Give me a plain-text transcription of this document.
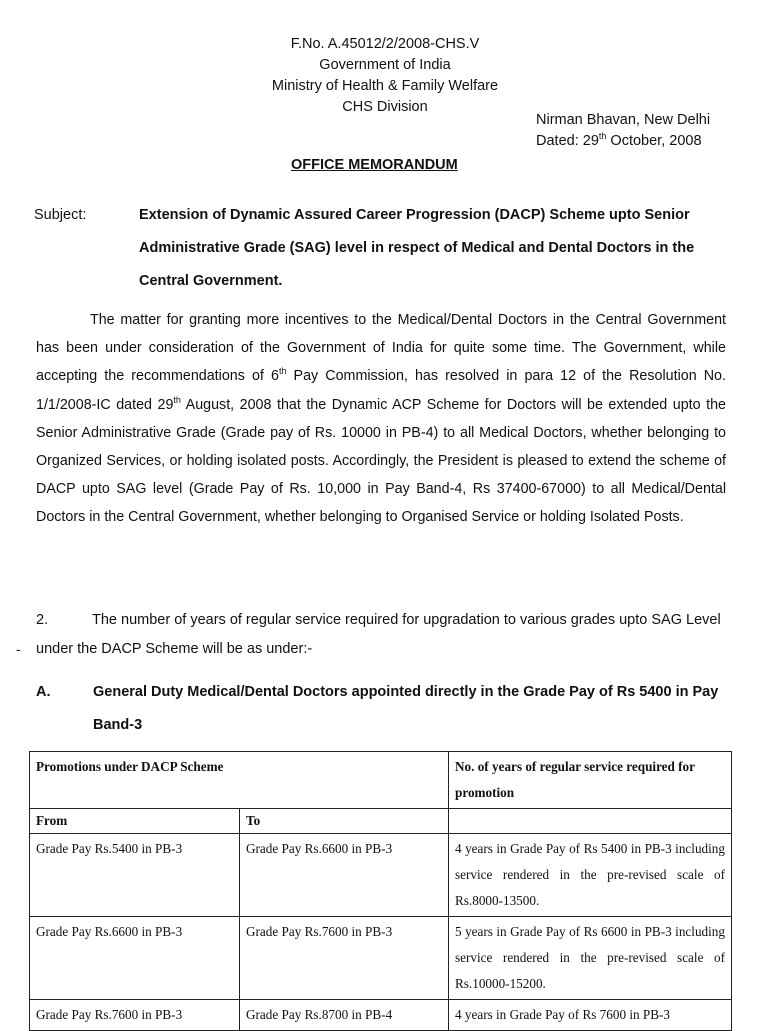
F.No. A.45012/2/2008-CHS.V
Government of India
Ministry of Health & Family Welfare
CHS Division
Nirman Bhavan, New Delhi
Dated: 29th October, 2008
OFFICE MEMORANDUM
Subject:	Extension of Dynamic Assured Career Progression (DACP) Scheme upto Senior Administrative Grade (SAG) level in respect of Medical and Dental Doctors in the Central Government.
The matter for granting more incentives to the Medical/Dental Doctors in the Central Government has been under consideration of the Government of India for quite some time. The Government, while accepting the recommendations of 6th Pay Commission, has resolved in para 12 of the Resolution No. 1/1/2008-IC dated 29th August, 2008 that the Dynamic ACP Scheme for Doctors will be extended upto the Senior Administrative Grade (Grade pay of Rs. 10000 in PB-4) to all Medical Doctors, whether belonging to Organized Services, or holding isolated posts. Accordingly, the President is pleased to extend the scheme of DACP upto SAG level (Grade Pay of Rs. 10,000 in Pay Band-4, Rs 37400-67000) to all Medical/Dental Doctors in the Central Government, whether belonging to Organised Service or holding Isolated Posts.
-
2.	The number of years of regular service required for upgradation to various grades upto SAG Level under the DACP Scheme will be as under:-
A.	General Duty Medical/Dental Doctors appointed directly in the Grade Pay of Rs 5400 in Pay Band-3
Promotions under DACP Scheme		No. of years of regular service required for promotion
From	To	
Grade Pay Rs.5400 in PB-3	Grade Pay Rs.6600 in PB-3	4 years in Grade Pay of Rs 5400 in PB-3 including service rendered in the pre-revised scale of Rs.8000-13500.
Grade Pay Rs.6600 in PB-3	Grade Pay Rs.7600 in PB-3	5 years in Grade Pay of Rs 6600 in PB-3 including service rendered in the pre-revised scale of Rs.10000-15200.
Grade Pay Rs.7600 in PB-3	Grade Pay Rs.8700 in PB-4	4 years in Grade Pay of Rs 7600 in PB-3
